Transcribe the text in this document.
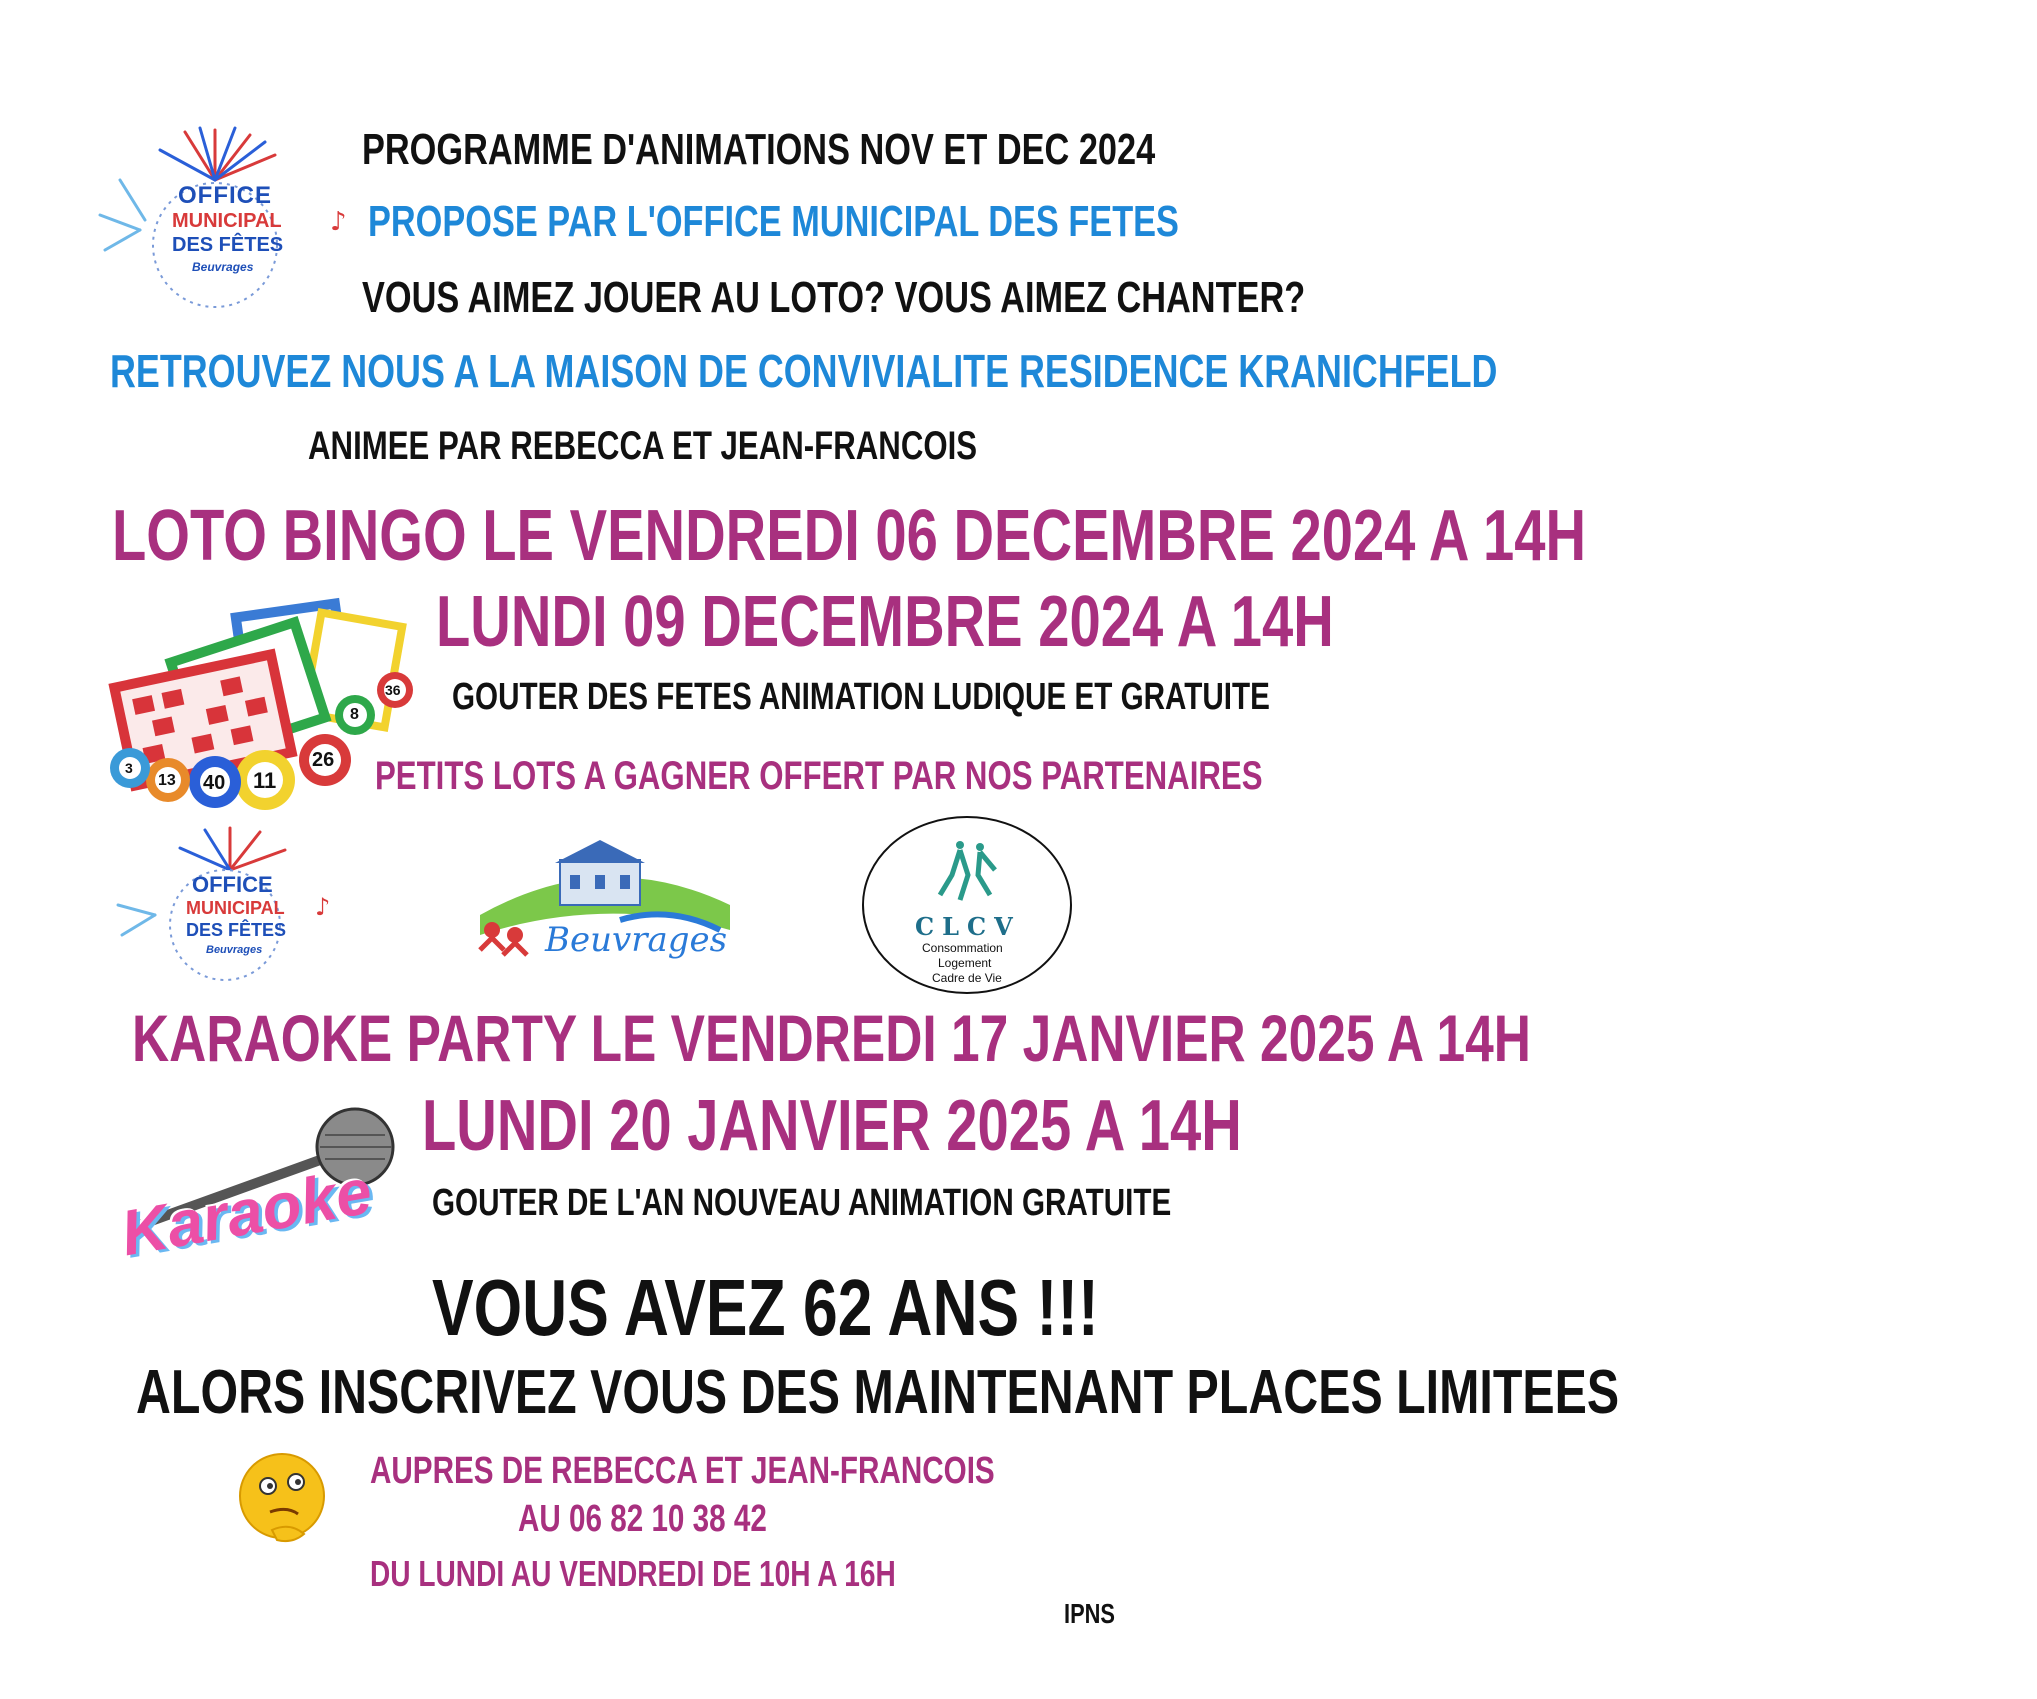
♪
OFFICE
MUNICIPAL
DES FÊTES
Beuvrages
PROGRAMME D'ANIMATIONS NOV ET DEC 2024
PROPOSE PAR L'OFFICE MUNICIPAL DES FETES
VOUS AIMEZ JOUER AU LOTO? VOUS AIMEZ CHANTER?
RETROUVEZ NOUS A LA MAISON DE CONVIVIALITE RESIDENCE KRANICHFELD
ANIMEE PAR REBECCA ET JEAN-FRANCOIS
LOTO BINGO LE VENDREDI 06 DECEMBRE 2024 A 14H
LUNDI 09 DECEMBRE 2024 A 14H
36
8
26
11
40
13
3
GOUTER DES FETES ANIMATION LUDIQUE ET GRATUITE
PETITS LOTS A GAGNER OFFERT PAR NOS PARTENAIRES
♪
OFFICE
MUNICIPAL
DES FÊTES
Beuvrages	Beuvrages	CLCV
Consommation
Logement
Cadre de Vie
KARAOKE PARTY LE VENDREDI 17 JANVIER 2025 A 14H
LUNDI 20 JANVIER 2025 A 14H
Karaoke GOUTER DE L'AN NOUVEAU ANIMATION GRATUITE
VOUS AVEZ 62 ANS !!!
ALORS INSCRIVEZ VOUS DES MAINTENANT PLACES LIMITEES
AUPRES DE REBECCA ET JEAN-FRANCOIS
AU 06 82 10 38 42
DU LUNDI AU VENDREDI DE 10H A 16H
IPNS
